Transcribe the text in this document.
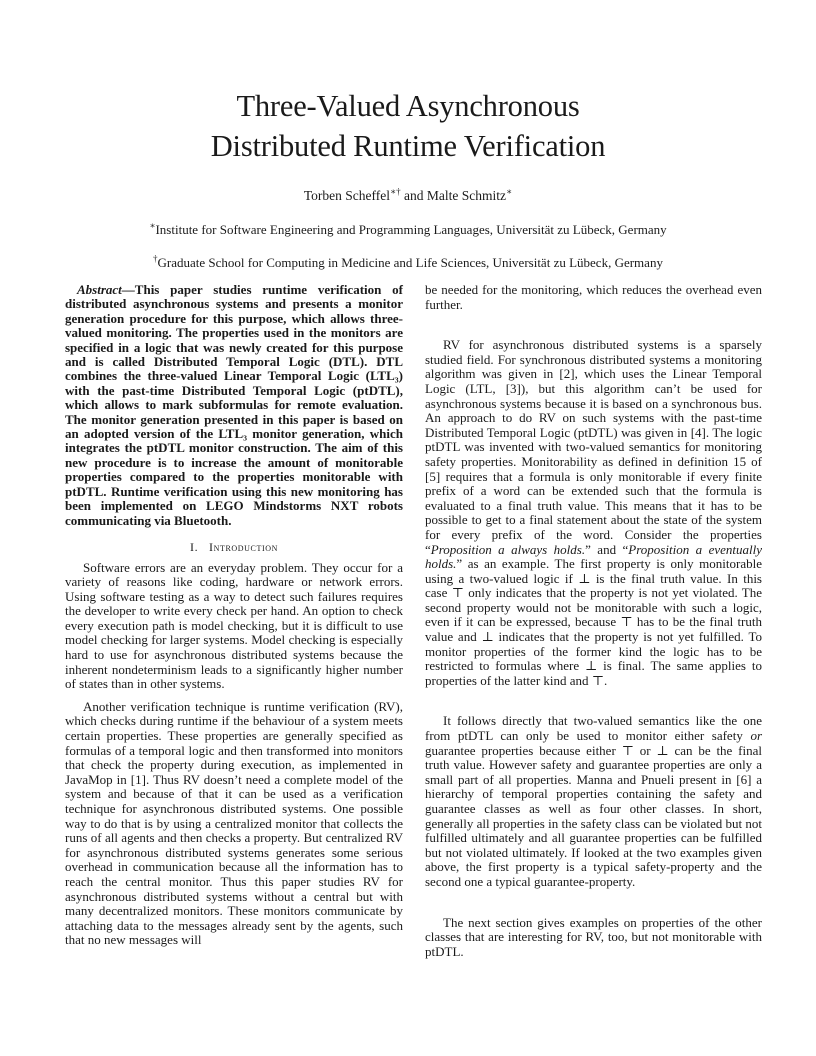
Three-Valued Asynchronous
Distributed Runtime Verification
Torben Scheffel∗† and Malte Schmitz∗
∗Institute for Software Engineering and Programming Languages, Universität zu Lübeck, Germany
†Graduate School for Computing in Medicine and Life Sciences, Universität zu Lübeck, Germany

Abstract—This paper studies runtime verification of distributed asynchronous systems and presents a monitor generation procedure for this purpose, which allows three-valued monitoring. The properties used in the monitors are specified in a logic that was newly created for this purpose and is called Distributed Temporal Logic (DTL). DTL combines the three-valued Linear Temporal Logic (LTL₃) with the past-time Distributed Temporal Logic (ptDTL), which allows to mark subformulas for remote evaluation. The monitor generation presented in this paper is based on an adopted version of the LTL₃ monitor generation, which integrates the ptDTL monitor construction. The aim of this new procedure is to increase the amount of monitorable properties compared to the properties monitorable with ptDTL. Runtime verification using this new monitoring has been implemented on LEGO Mindstorms NXT robots communicating via Bluetooth.

I. Introduction

Software errors are an everyday problem. They occur for a variety of reasons like coding, hardware or network errors. Using software testing as a way to detect such failures requires the developer to write every check per hand. An option to check every execution path is model checking, but it is difficult to use model checking for larger systems. Model checking is especially hard to use for asynchronous distributed systems because the inherent nondeterminism leads to a significantly higher number of states than in other systems.

Another verification technique is runtime verification (RV), which checks during runtime if the behaviour of a system meets certain properties. These properties are generally specified as formulas of a temporal logic and then transformed into monitors that check the property during execution, as implemented in JavaMop in [1]. Thus RV doesn’t need a complete model of the system and because of that it can be used as a verification technique for asynchronous distributed systems. One possible way to do that is by using a centralized monitor that collects the runs of all agents and then checks a property. But centralized RV for asynchronous distributed systems generates some serious overhead in communication because all the information has to reach the central monitor. Thus this paper studies RV for asynchronous distributed systems without a central but with many decentralized monitors. These monitors communicate by attaching data to the messages already sent by the agents, such that no new messages will

be needed for the monitoring, which reduces the overhead even further.

RV for asynchronous distributed systems is a sparsely studied field. For synchronous distributed systems a monitoring algorithm was given in [2], which uses the Linear Temporal Logic (LTL, [3]), but this algorithm can’t be used for asynchronous systems because it is based on a synchronous bus. An approach to do RV on such systems with the past-time Distributed Temporal Logic (ptDTL) was given in [4]. The logic ptDTL was invented with two-valued semantics for monitoring safety properties. Monitorability as defined in definition 15 of [5] requires that a formula is only monitorable if every finite prefix of a word can be extended such that the formula is evaluated to a final truth value. This means that it has to be possible to get to a final statement about the state of the system for every prefix of the word. Consider the properties “Proposition a always holds.” and “Proposition a eventually holds.” as an example. The first property is only monitorable using a two-valued logic if ⊥ is the final truth value. In this case ⊤ only indicates that the property is not yet violated. The second property would not be monitorable with such a logic, even if it can be expressed, because ⊤ has to be the final truth value and ⊥ indicates that the property is not yet fulfilled. To monitor properties of the former kind the logic has to be restricted to formulas where ⊥ is final. The same applies to properties of the latter kind and ⊤.

It follows directly that two-valued semantics like the one from ptDTL can only be used to monitor either safety or guarantee properties because either ⊤ or ⊥ can be the final truth value. However safety and guarantee properties are only a small part of all properties. Manna and Pnueli present in [6] a hierarchy of temporal properties containing the safety and guarantee classes as well as four other classes. In short, generally all properties in the safety class can be violated but not fulfilled ultimately and all guarantee properties can be fulfilled but not violated ultimately. If looked at the two examples given above, the first property is a typical safety-property and the second one a typical guarantee-property.

The next section gives examples on properties of the other classes that are interesting for RV, too, but not monitorable with ptDTL.
